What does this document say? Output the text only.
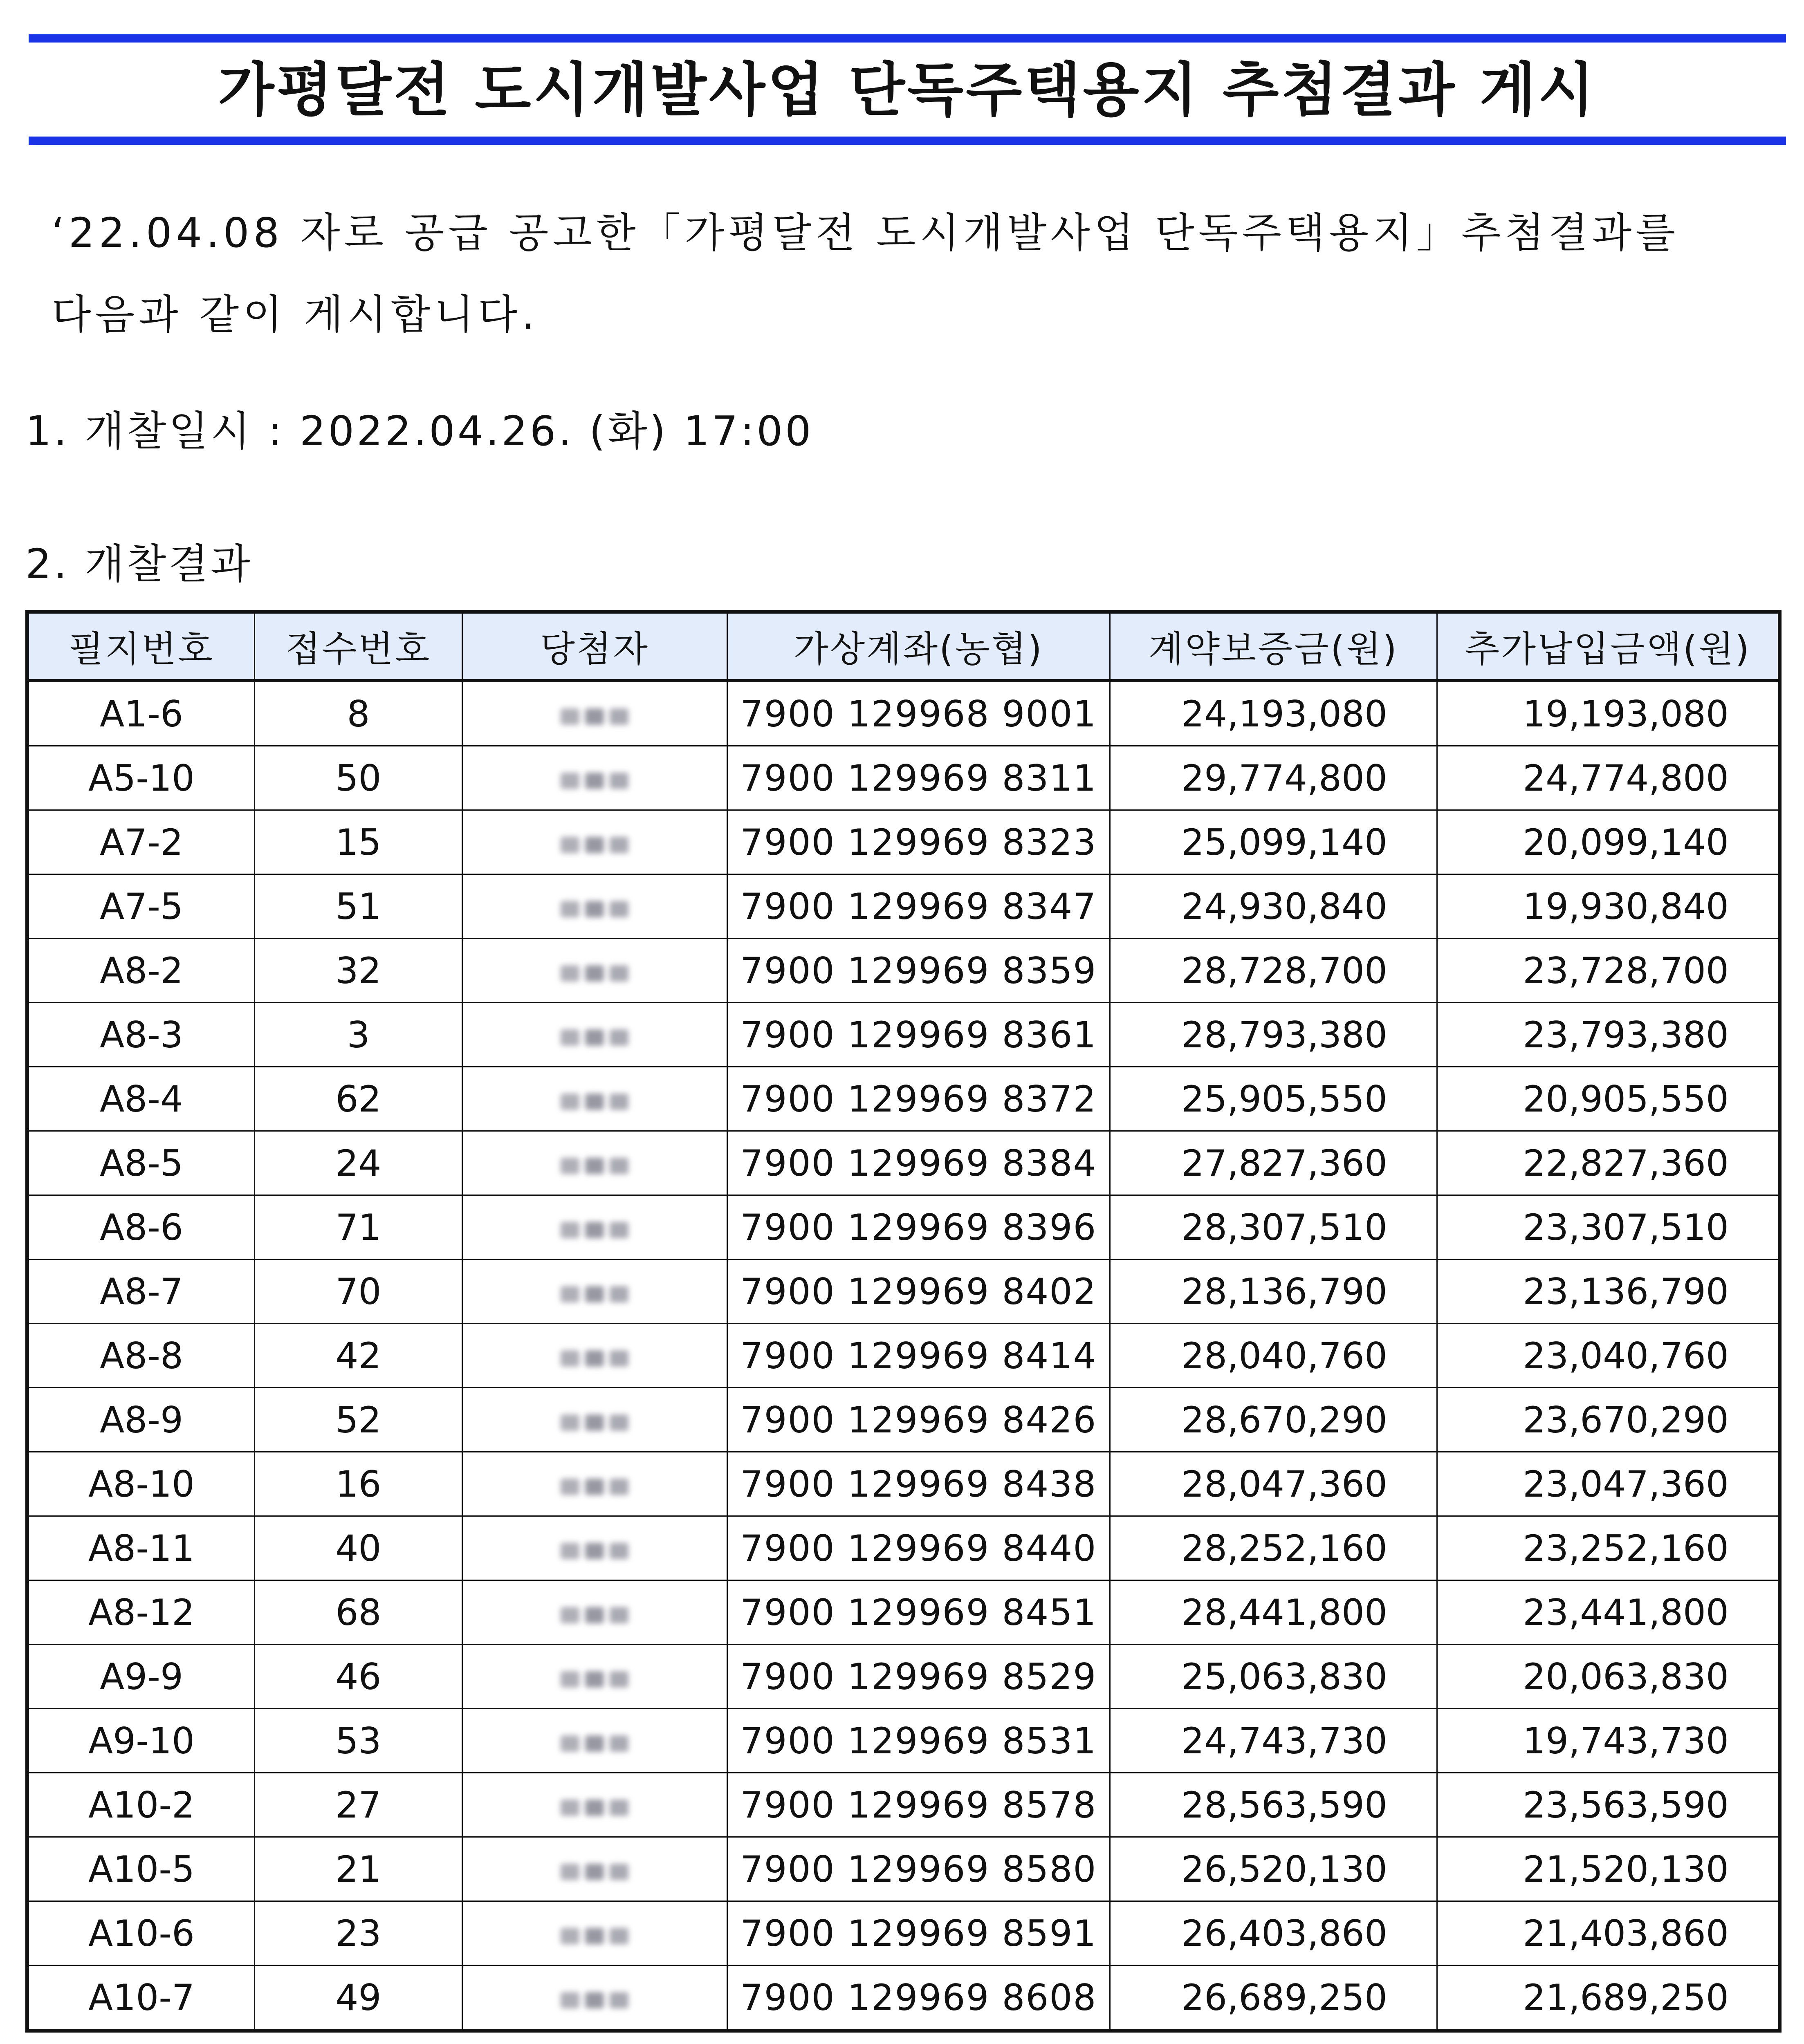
가평달전 도시개발사업 단독주택용지 추첨결과 게시
‘22.04.08 자로 공급 공고한「가평달전 도시개발사업 단독주택용지」추첨결과를
다음과 같이 게시합니다.
1. 개찰일시 : 2022.04.26. (화) 17:00
2. 개찰결과
필지번호	접수번호	당첨자	가상계좌(농협)	계약보증금(원)	추가납입금액(원)
A1-6	8		7900 129968 9001	24,193,080	19,193,080
A5-10	50		7900 129969 8311	29,774,800	24,774,800
A7-2	15		7900 129969 8323	25,099,140	20,099,140
A7-5	51		7900 129969 8347	24,930,840	19,930,840
A8-2	32		7900 129969 8359	28,728,700	23,728,700
A8-3	3		7900 129969 8361	28,793,380	23,793,380
A8-4	62		7900 129969 8372	25,905,550	20,905,550
A8-5	24		7900 129969 8384	27,827,360	22,827,360
A8-6	71		7900 129969 8396	28,307,510	23,307,510
A8-7	70		7900 129969 8402	28,136,790	23,136,790
A8-8	42		7900 129969 8414	28,040,760	23,040,760
A8-9	52		7900 129969 8426	28,670,290	23,670,290
A8-10	16		7900 129969 8438	28,047,360	23,047,360
A8-11	40		7900 129969 8440	28,252,160	23,252,160
A8-12	68		7900 129969 8451	28,441,800	23,441,800
A9-9	46		7900 129969 8529	25,063,830	20,063,830
A9-10	53		7900 129969 8531	24,743,730	19,743,730
A10-2	27		7900 129969 8578	28,563,590	23,563,590
A10-5	21		7900 129969 8580	26,520,130	21,520,130
A10-6	23		7900 129969 8591	26,403,860	21,403,860
A10-7	49		7900 129969 8608	26,689,250	21,689,250
